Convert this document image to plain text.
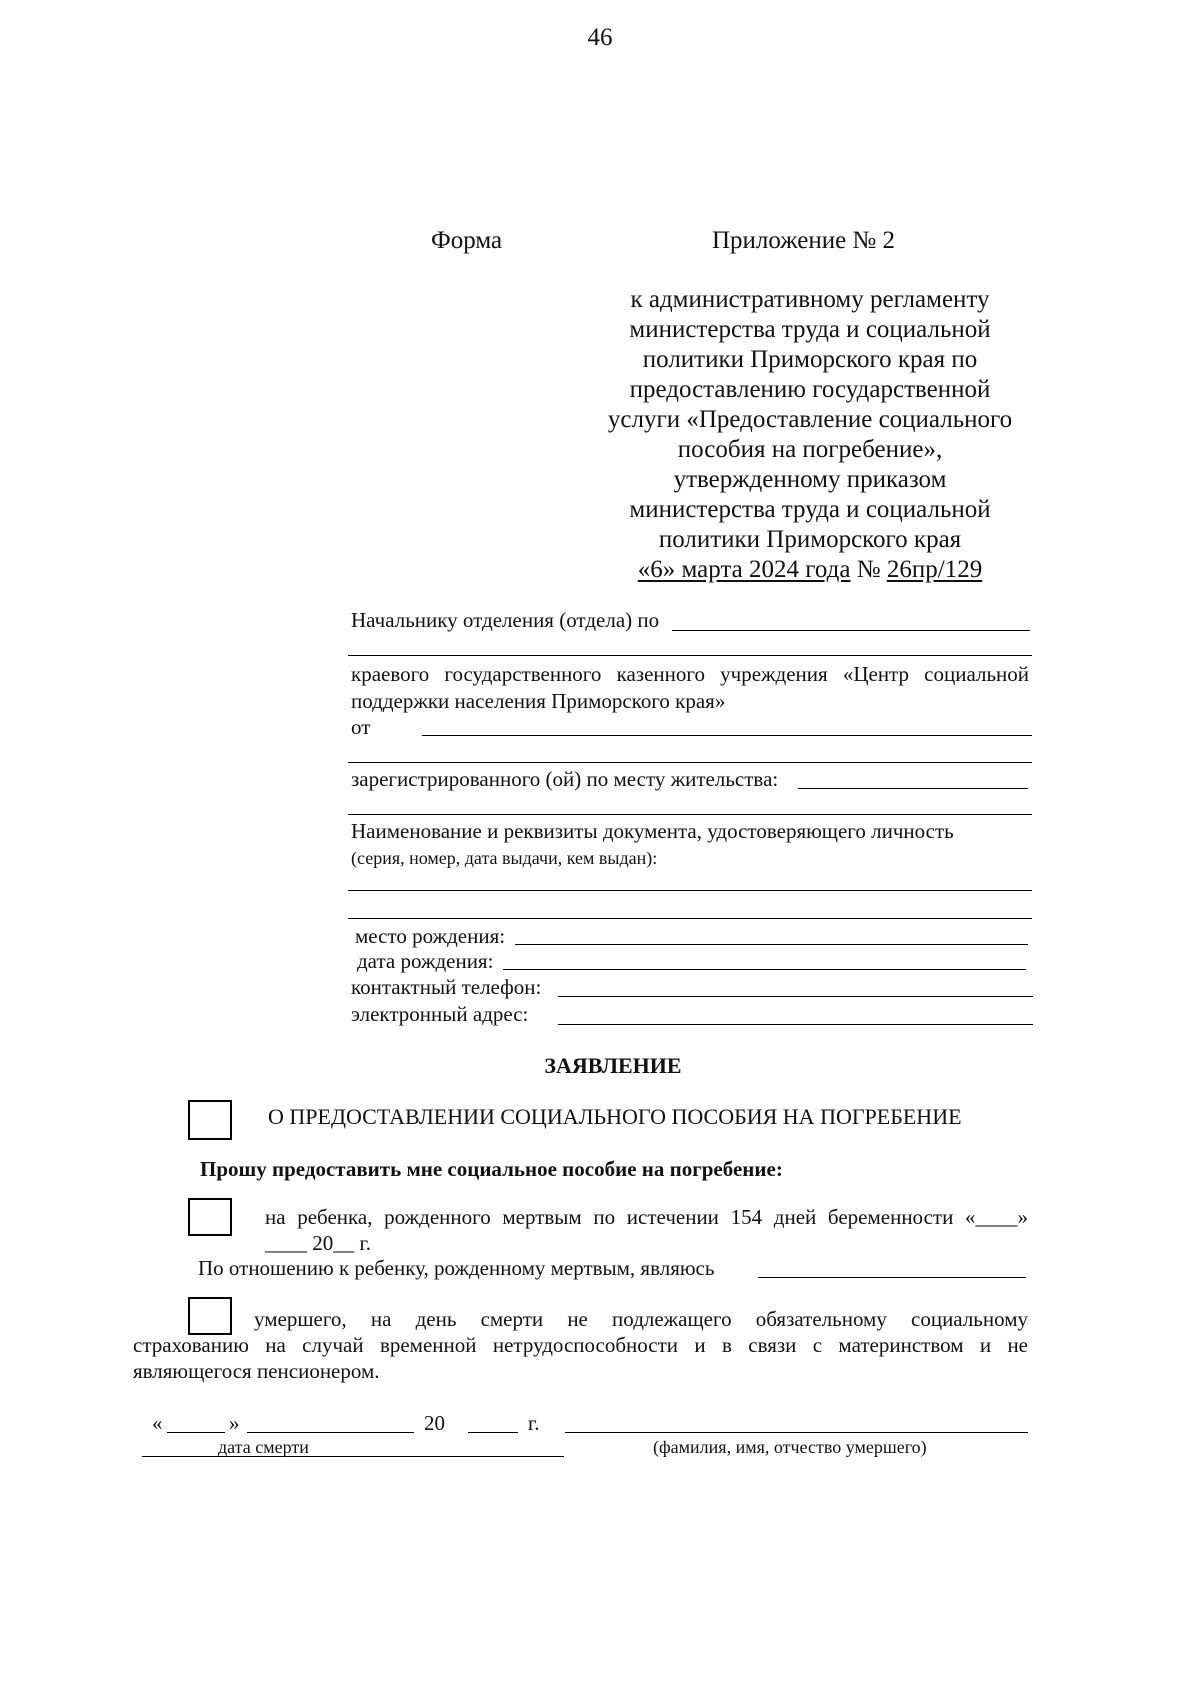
46
Форма	Приложение № 2
к административному регламенту
министерства труда и социальной
политики Приморского края по
предоставлению государственной
услуги «Предоставление социального
пособия на погребение»,
утвержденному приказом
министерства труда и социальной
политики Приморского края
«6» марта 2024 года № 26пр/129
Начальнику отделения (отдела) по
краевого государственного казенного учреждения «Центр социальной
поддержки населения Приморского края»
от
зарегистрированного (ой) по месту жительства:
Наименование и реквизиты документа, удостоверяющего личность
(серия, номер, дата выдачи, кем выдан):
место рождения:
дата рождения:
контактный телефон:
электронный адрес:
ЗАЯВЛЕНИЕ
О ПРЕДОСТАВЛЕНИИ СОЦИАЛЬНОГО ПОСОБИЯ НА ПОГРЕБЕНИЕ
Прошу предоставить мне социальное пособие на погребение:
на ребенка, рожденного мертвым по истечении 154 дней беременности «____»
____ 20__ г.
По отношению к ребенку, рожденному мертвым, являюсь
умершего, на день смерти не подлежащего обязательному социальному
страхованию на случай временной нетрудоспособности и в связи с материнством и не
являющегося пенсионером.
«	»	20	г.
дата смерти	(фамилия, имя, отчество умершего)
